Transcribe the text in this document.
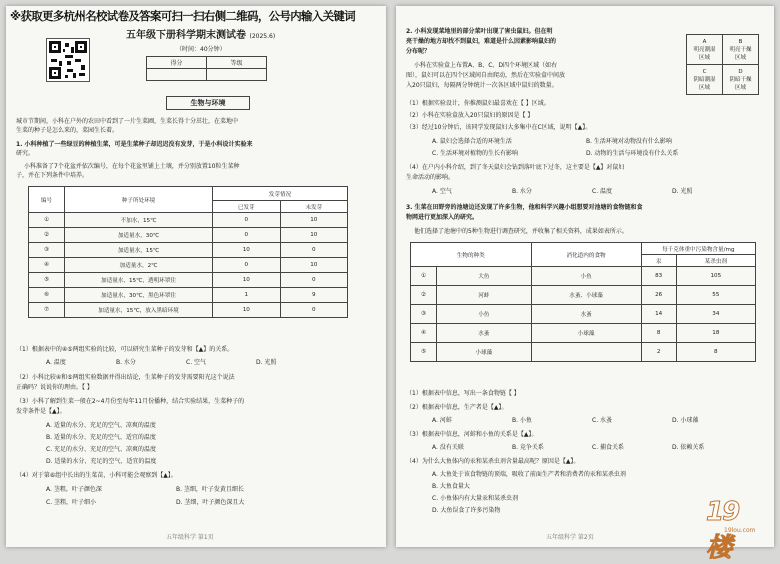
※获取更多杭州名校试卷及答案可扫一扫右侧二维码，公号内输入关键词
五年级下册科学期末测试卷 (2025.6)
（时间：40分钟）
得分	等级

生物与环境
城市节期间，小科在户外的农田中看到了一片生菜圃，生菜长得十分茁壮，在菜地中
生菜的种子是怎么来的，菜园生长着。
1. 小科种植了一些绿豆的种植生菜，可是生菜种子却迟迟没有发芽，于是小科设计实验来
研究。
小科准备了7个花盆并依次编号，在每个花盆里铺上土壤，并分别放置10粒生菜种
子，并在下列条件中培养。
编号	种子所处环境	发芽情况	
		已发芽	未发芽
①	不加水，15℃	0	10
②	加适量水，30℃	0	10
③	加适量水，15℃	10	0
④	加适量水，2℃	0	10
⑤	加适量水，15℃，透明环罩住	10	0
⑥	加适量水，30℃，黑色环罩住	1	9
⑦	加适量水，15℃，放入黑暗环境	10	0
（1）根据表中的④⑤两组实验的比较，可以研究生菜种子的发芽和【▲】的关系。
A. 温度	B. 水分	C. 空气	D. 光照
（2）小科比较④和⑤两组实验数据并得出结论，生菜种子的发芽需要阳光这个说法
正确吗？说说你的理由。【 】
（3）小科了解到生菜一般在2~4月份至每年11月份播种，结合实验结果，生菜种子的
发芽条件是【▲】。
A. 适量的水分、充足的空气、凉爽的温度
B. 适量的水分、充足的空气、适宜的温度
C. 充足的水分、充足的空气、凉爽的温度
D. 适量的水分、充足的空气、适宜的温度
（4）对于第⑥组中长出的生菜苗，小科可能会观察到【▲】。
A. 茎粗，叶子颜色深	B. 茎细，叶子发黄且细长
C. 茎粗，叶子细小	D. 茎细，叶子颜色深且大
五年级科学 第1页
2. 小科发现菜地里的部分菜叶出现了害虫鼠妇。但在明
亮干燥的地方却找不到鼠妇，难道是什么因素影响鼠妇的
分布呢？
小科在实验盒上布置A、B、C、D四个环境区域（如右
图），鼠妇可以在四个区域间自由爬动，然后在实验盒中间放
入20只鼠妇，每隔两分钟统计一次各区域中鼠妇的数量。
A
明亮潮湿
区域	B
明亮干燥
区域
C
阴暗潮湿
区域	D
阴暗干燥
区域
（1）根据实验设计，你推测鼠妇最喜欢在【 】区域。
（2）小科在实验盒放入20只鼠妇的原因是【 】
（3）经过10分钟后，该同学发现鼠妇大多集中在C区域，说明【▲】。
A. 鼠妇会选择合适的环境生活	B. 生活环境对动物没有什么影响
C. 生活环境对植物的生长有影响	D. 动物的生活与环境没有什么关系
（4）在户内小科介绍，到了冬天鼠妇会钻到落叶底下过冬，这主要是【▲】对鼠妇
生命活动的影响。
A. 空气	B. 水分	C. 温度	D. 光照
3. 生菜在田野旁的池塘边还发现了许多生物，他和科学兴趣小组想要对池塘的食物链和食
物网进行更加深入的研究。
他们选择了池塘中的5种生物进行调查研究，并收集了相关资料，成果如表所示。
生物的种类		消化道内的食物	每千克体重中污染物含量/mg	
			汞	某杀虫剂
①	大鱼	小鱼	83	105
②	河蚌	水蚤、小球藻	26	55
③	小鱼	水蚤	14	34
④	水蚤	小球藻	8	18
⑤	小球藻		2	8
（1）根据表中信息，写出一条食物链【 】
（2）根据表中信息，生产者是【▲】。
A. 河蚌	B. 小鱼	C. 水蚤	D. 小球藻
（3）根据表中信息，河蚌和小鱼的关系是【▲】。
A. 没有关联	B. 竞争关系	C. 捕食关系	D. 依赖关系
（4）为什么大鱼体内的汞和某杀虫剂含量最高呢？原因是【▲】。
A. 大鱼处于该食物链的顶端，吸收了前面生产者和消费者的汞和某杀虫剂
B. 大鱼食量大
C. 小鱼体内有大量汞和某杀虫剂
D. 大鱼误食了许多污染物
五年级科学 第2页
19楼
19lou.com
